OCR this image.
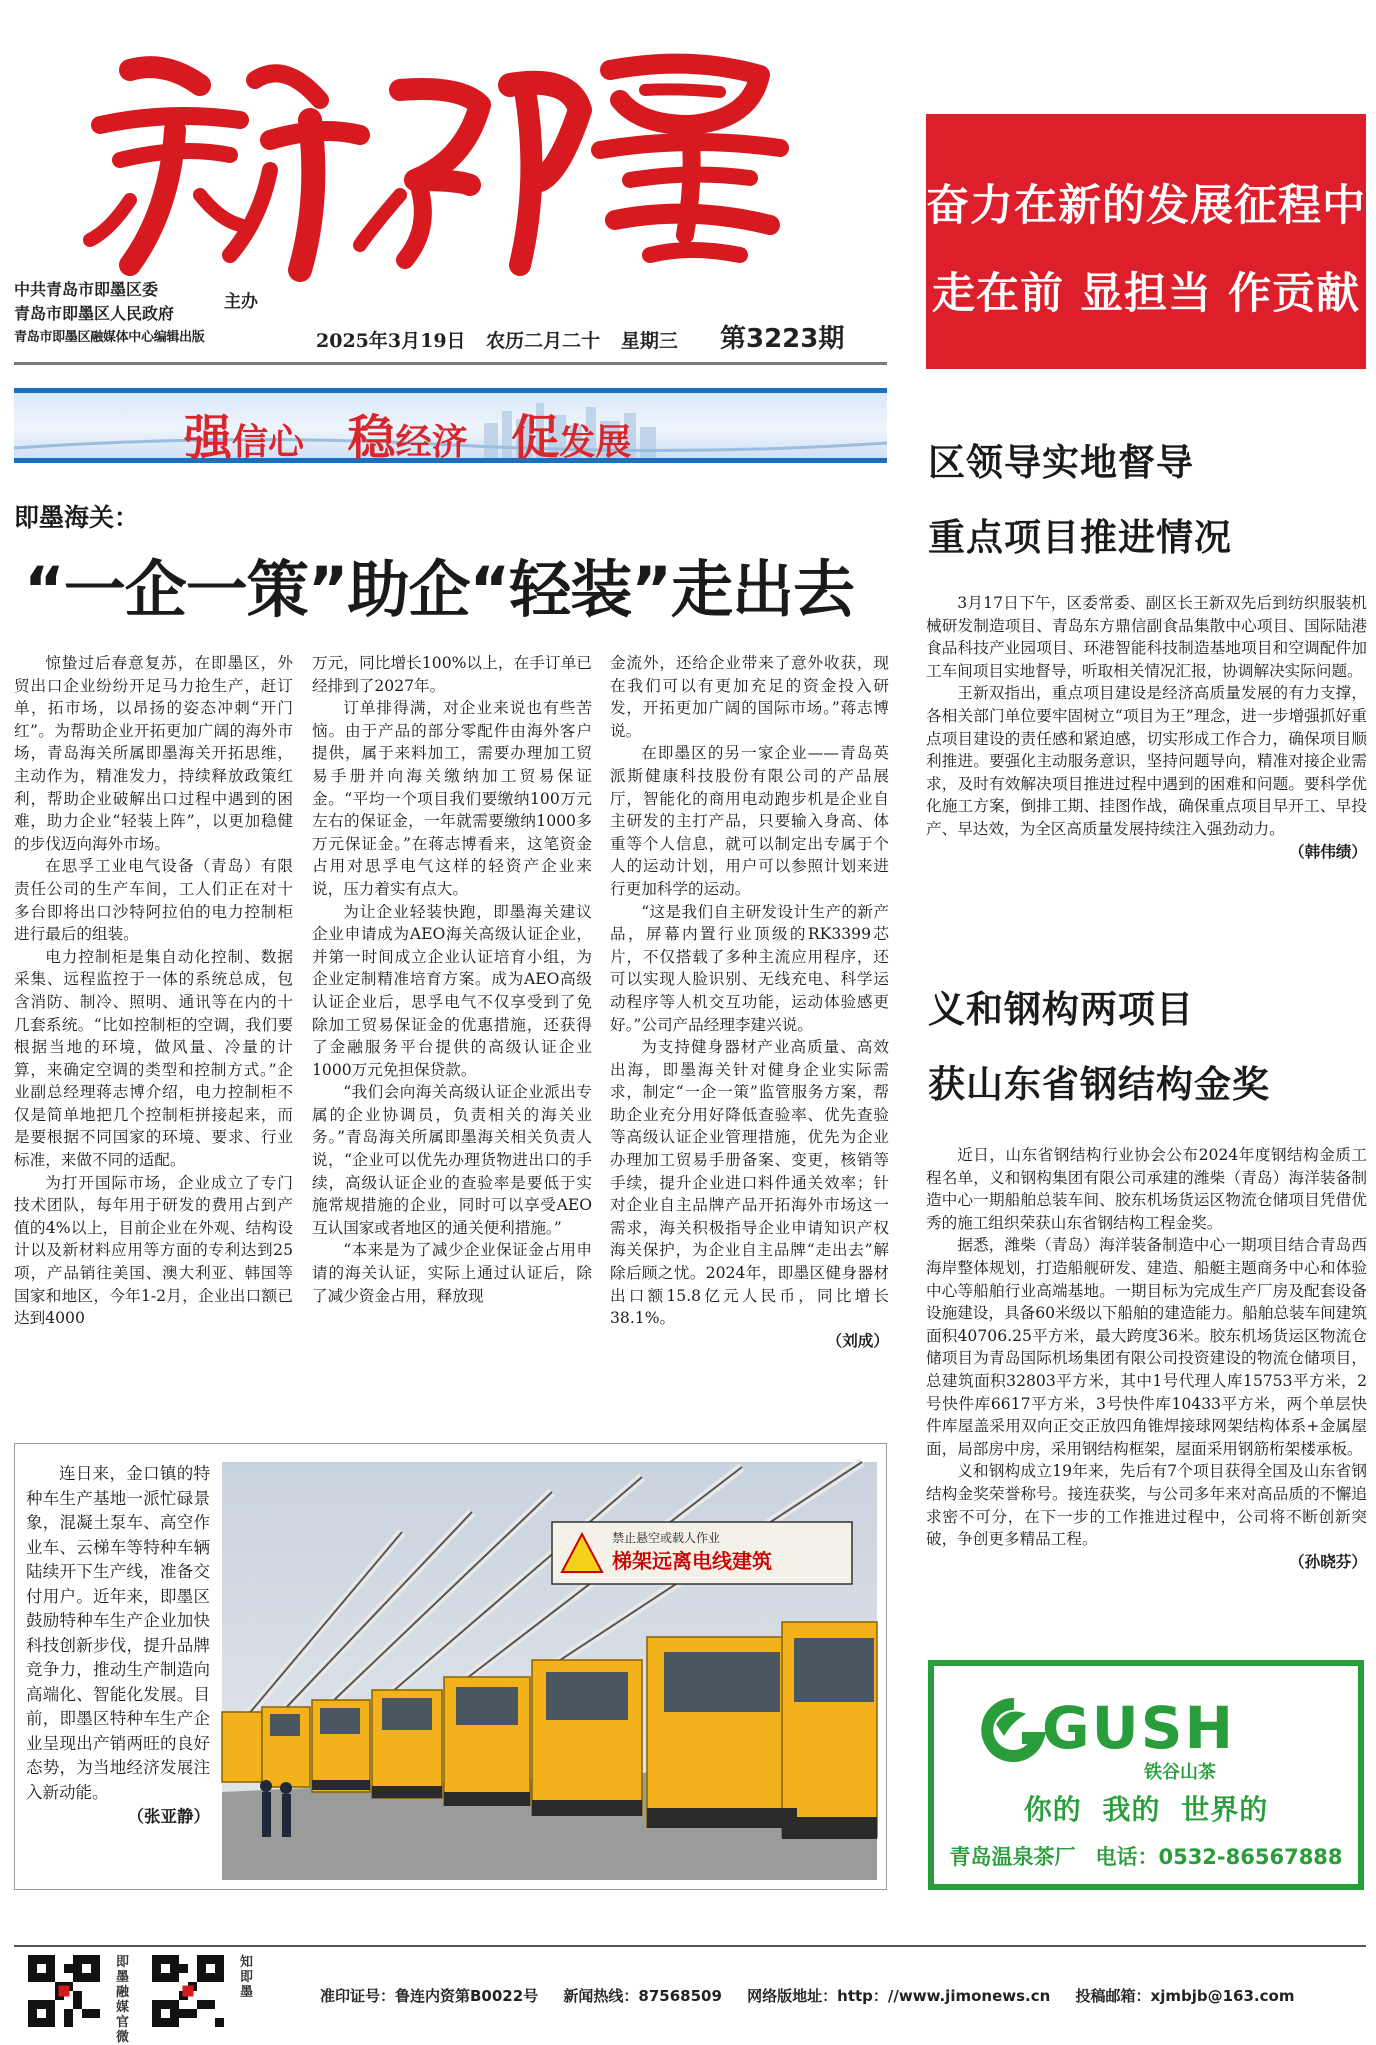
中共青岛市即墨区委
青岛市即墨区人民政府
青岛市即墨区融媒体中心编辑出版
主办
2025年3月19日 农历二月二十 星期三	第3223期
奋力在新的发展征程中
走在前 显担当 作贡献
强信心 稳经济 促发展
即墨海关：
“一企一策”助企“轻装”走出去

惊蛰过后春意复苏，在即墨区，外贸出口企业纷纷开足马力抢生产，赶订单，拓市场，以昂扬的姿态冲刺“开门红”。为帮助企业开拓更加广阔的海外市场，青岛海关所属即墨海关开拓思维，主动作为，精准发力，持续释放政策红利，帮助企业破解出口过程中遇到的困难，助力企业“轻装上阵”，以更加稳健的步伐迈向海外市场。

在思孚工业电气设备（青岛）有限责任公司的生产车间，工人们正在对十多台即将出口沙特阿拉伯的电力控制柜进行最后的组装。

电力控制柜是集自动化控制、数据采集、远程监控于一体的系统总成，包含消防、制冷、照明、通讯等在内的十几套系统。“比如控制柜的空调，我们要根据当地的环境，做风量、冷量的计算，来确定空调的类型和控制方式。”企业副总经理蒋志博介绍，电力控制柜不仅是简单地把几个控制柜拼接起来，而是要根据不同国家的环境、要求、行业标准，来做不同的适配。

为打开国际市场，企业成立了专门技术团队，每年用于研发的费用占到产值的4%以上，目前企业在外观、结构设计以及新材料应用等方面的专利达到25项，产品销往美国、澳大利亚、韩国等国家和地区，今年1-2月，企业出口额已达到4000

万元，同比增长100%以上，在手订单已经排到了2027年。

订单排得满，对企业来说也有些苦恼。由于产品的部分零配件由海外客户提供，属于来料加工，需要办理加工贸易手册并向海关缴纳加工贸易保证金。“平均一个项目我们要缴纳100万元左右的保证金，一年就需要缴纳1000多万元保证金。”在蒋志博看来，这笔资金占用对思孚电气这样的轻资产企业来说，压力着实有点大。

为让企业轻装快跑，即墨海关建议企业申请成为AEO海关高级认证企业，并第一时间成立企业认证培育小组，为企业定制精准培育方案。成为AEO高级认证企业后，思孚电气不仅享受到了免除加工贸易保证金的优惠措施，还获得了金融服务平台提供的高级认证企业1000万元免担保贷款。

“我们会向海关高级认证企业派出专属的企业协调员，负责相关的海关业务。”青岛海关所属即墨海关相关负责人说，“企业可以优先办理货物进出口的手续，高级认证企业的查验率是要低于实施常规措施的企业，同时可以享受AEO互认国家或者地区的通关便利措施。”

“本来是为了减少企业保证金占用申请的海关认证，实际上通过认证后，除了减少资金占用，释放现

金流外，还给企业带来了意外收获，现在我们可以有更加充足的资金投入研发，开拓更加广阔的国际市场。”蒋志博说。

在即墨区的另一家企业——青岛英派斯健康科技股份有限公司的产品展厅，智能化的商用电动跑步机是企业自主研发的主打产品，只要输入身高、体重等个人信息，就可以制定出专属于个人的运动计划，用户可以参照计划来进行更加科学的运动。

“这是我们自主研发设计生产的新产品，屏幕内置行业顶级的RK3399芯片，不仅搭载了多种主流应用程序，还可以实现人脸识别、无线充电、科学运动程序等人机交互功能，运动体验感更好。”公司产品经理李建兴说。

为支持健身器材产业高质量、高效出海，即墨海关针对健身企业实际需求，制定“一企一策”监管服务方案，帮助企业充分用好降低查验率、优先查验等高级认证企业管理措施，优先为企业办理加工贸易手册备案、变更，核销等手续，提升企业进口料件通关效率；针对企业自主品牌产品开拓海外市场这一需求，海关积极指导企业申请知识产权海关保护，为企业自主品牌“走出去”解除后顾之忧。2024年，即墨区健身器材出口额15.8亿元人民币，同比增长38.1%。

（刘成）

连日来，金口镇的特种车生产基地一派忙碌景象，混凝土泵车、高空作业车、云梯车等特种车辆陆续开下生产线，准备交付用户。近年来，即墨区鼓励特种车生产企业加快科技创新步伐，提升品牌竞争力，推动生产制造向高端化、智能化发展。目前，即墨区特种车生产企业呈现出产销两旺的良好态势，为当地经济发展注入新动能。

（张亚静）
禁止悬空或载人作业
梯架远离电线建筑
区领导实地督导
重点项目推进情况

3月17日下午，区委常委、副区长王新双先后到纺织服装机械研发制造项目、青岛东方鼎信副食品集散中心项目、国际陆港食品科技产业园项目、环港智能科技制造基地项目和空调配件加工车间项目实地督导，听取相关情况汇报，协调解决实际问题。

王新双指出，重点项目建设是经济高质量发展的有力支撑，各相关部门单位要牢固树立“项目为王”理念，进一步增强抓好重点项目建设的责任感和紧迫感，切实形成工作合力，确保项目顺利推进。要强化主动服务意识，坚持问题导向，精准对接企业需求，及时有效解决项目推进过程中遇到的困难和问题。要科学优化施工方案，倒排工期、挂图作战，确保重点项目早开工、早投产、早达效，为全区高质量发展持续注入强劲动力。

（韩伟绩）
义和钢构两项目
获山东省钢结构金奖

近日，山东省钢结构行业协会公布2024年度钢结构金质工程名单，义和钢构集团有限公司承建的潍柴（青岛）海洋装备制造中心一期船舶总装车间、胶东机场货运区物流仓储项目凭借优秀的施工组织荣获山东省钢结构工程金奖。

据悉，潍柴（青岛）海洋装备制造中心一期项目结合青岛西海岸整体规划，打造船舰研发、建造、船艇主题商务中心和体验中心等船舶行业高端基地。一期目标为完成生产厂房及配套设备设施建设，具备60米级以下船舶的建造能力。船舶总装车间建筑面积40706.25平方米，最大跨度36米。胶东机场货运区物流仓储项目为青岛国际机场集团有限公司投资建设的物流仓储项目，总建筑面积32803平方米，其中1号代理人库15753平方米，2号快件库6617平方米，3号快件库10433平方米，两个单层快件库屋盖采用双向正交正放四角锥焊接球网架结构体系+金属屋面，局部房中房，采用钢结构框架，屋面采用钢筋桁架楼承板。

义和钢构成立19年来，先后有7个项目获得全国及山东省钢结构金奖荣誉称号。接连获奖，与公司多年来对高品质的不懈追求密不可分，在下一步的工作推进过程中，公司将不断创新突破，争创更多精品工程。

（孙晓芬）
GUSH
铁谷山茶
你的 我的 世界的
青岛温泉茶厂 电话：0532-86567888
即墨融媒官微
知即墨	准印证号：鲁连内资第B0022号 新闻热线：87568509 网络版地址：http：//www.jimonews.cn 投稿邮箱：xjmbjb@163.com
